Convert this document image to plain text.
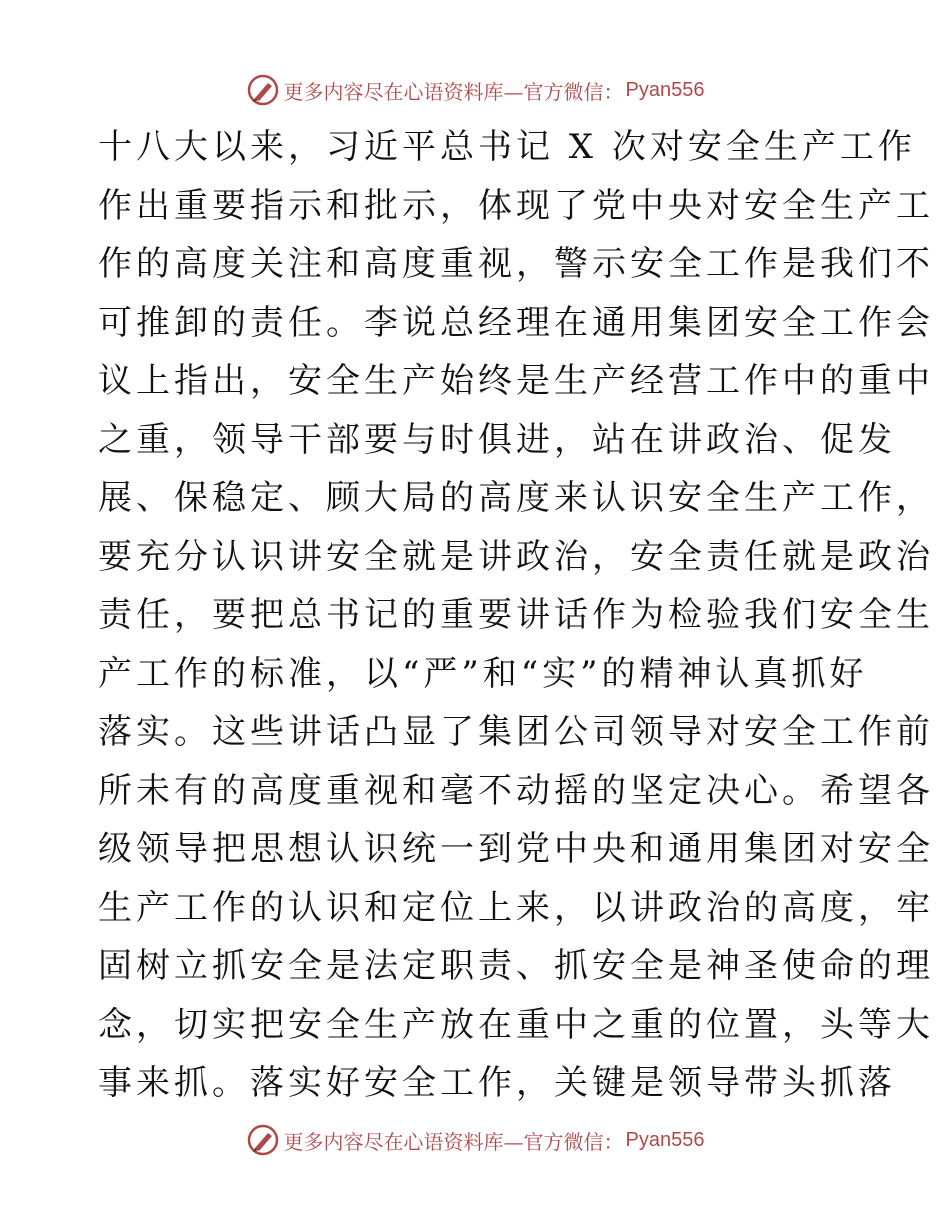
更多内容尽在心语资料库—官方微信： Pyan556
十八大以来，习近平总书记 X 次对安全生产工作
作出重要指示和批示，体现了党中央对安全生产工
作的高度关注和高度重视，警示安全工作是我们不
可推卸的责任。李说总经理在通用集团安全工作会
议上指出，安全生产始终是生产经营工作中的重中
之重，领导干部要与时俱进，站在讲政治、促发
展、保稳定、顾大局的高度来认识安全生产工作，
要充分认识讲安全就是讲政治，安全责任就是政治
责任，要把总书记的重要讲话作为检验我们安全生
产工作的标准，以“严”和“实”的精神认真抓好
落实。这些讲话凸显了集团公司领导对安全工作前
所未有的高度重视和毫不动摇的坚定决心。希望各
级领导把思想认识统一到党中央和通用集团对安全
生产工作的认识和定位上来，以讲政治的高度，牢
固树立抓安全是法定职责、抓安全是神圣使命的理
念，切实把安全生产放在重中之重的位置，头等大
事来抓。落实好安全工作，关键是领导带头抓落
更多内容尽在心语资料库—官方微信： Pyan556
